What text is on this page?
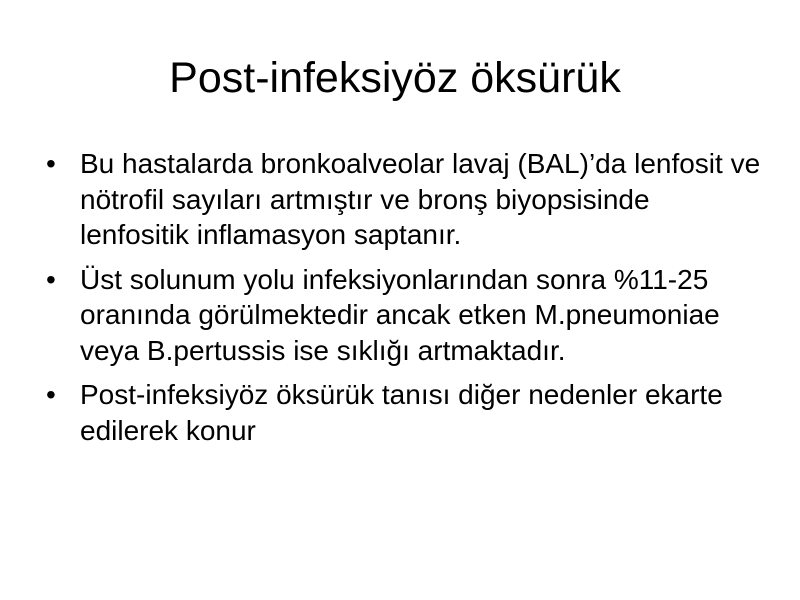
Post-infeksiyöz öksürük
• Bu hastalarda bronkoalveolar lavaj (BAL)’da lenfosit ve nötrofil sayıları artmıştır ve bronş biyopsisinde lenfositik inflamasyon saptanır.
• Üst solunum yolu infeksiyonlarından sonra %11-25 oranında görülmektedir ancak etken M.pneumoniae veya B.pertussis ise sıklığı artmaktadır.
• Post-infeksiyöz öksürük tanısı diğer nedenler ekarte edilerek konur
